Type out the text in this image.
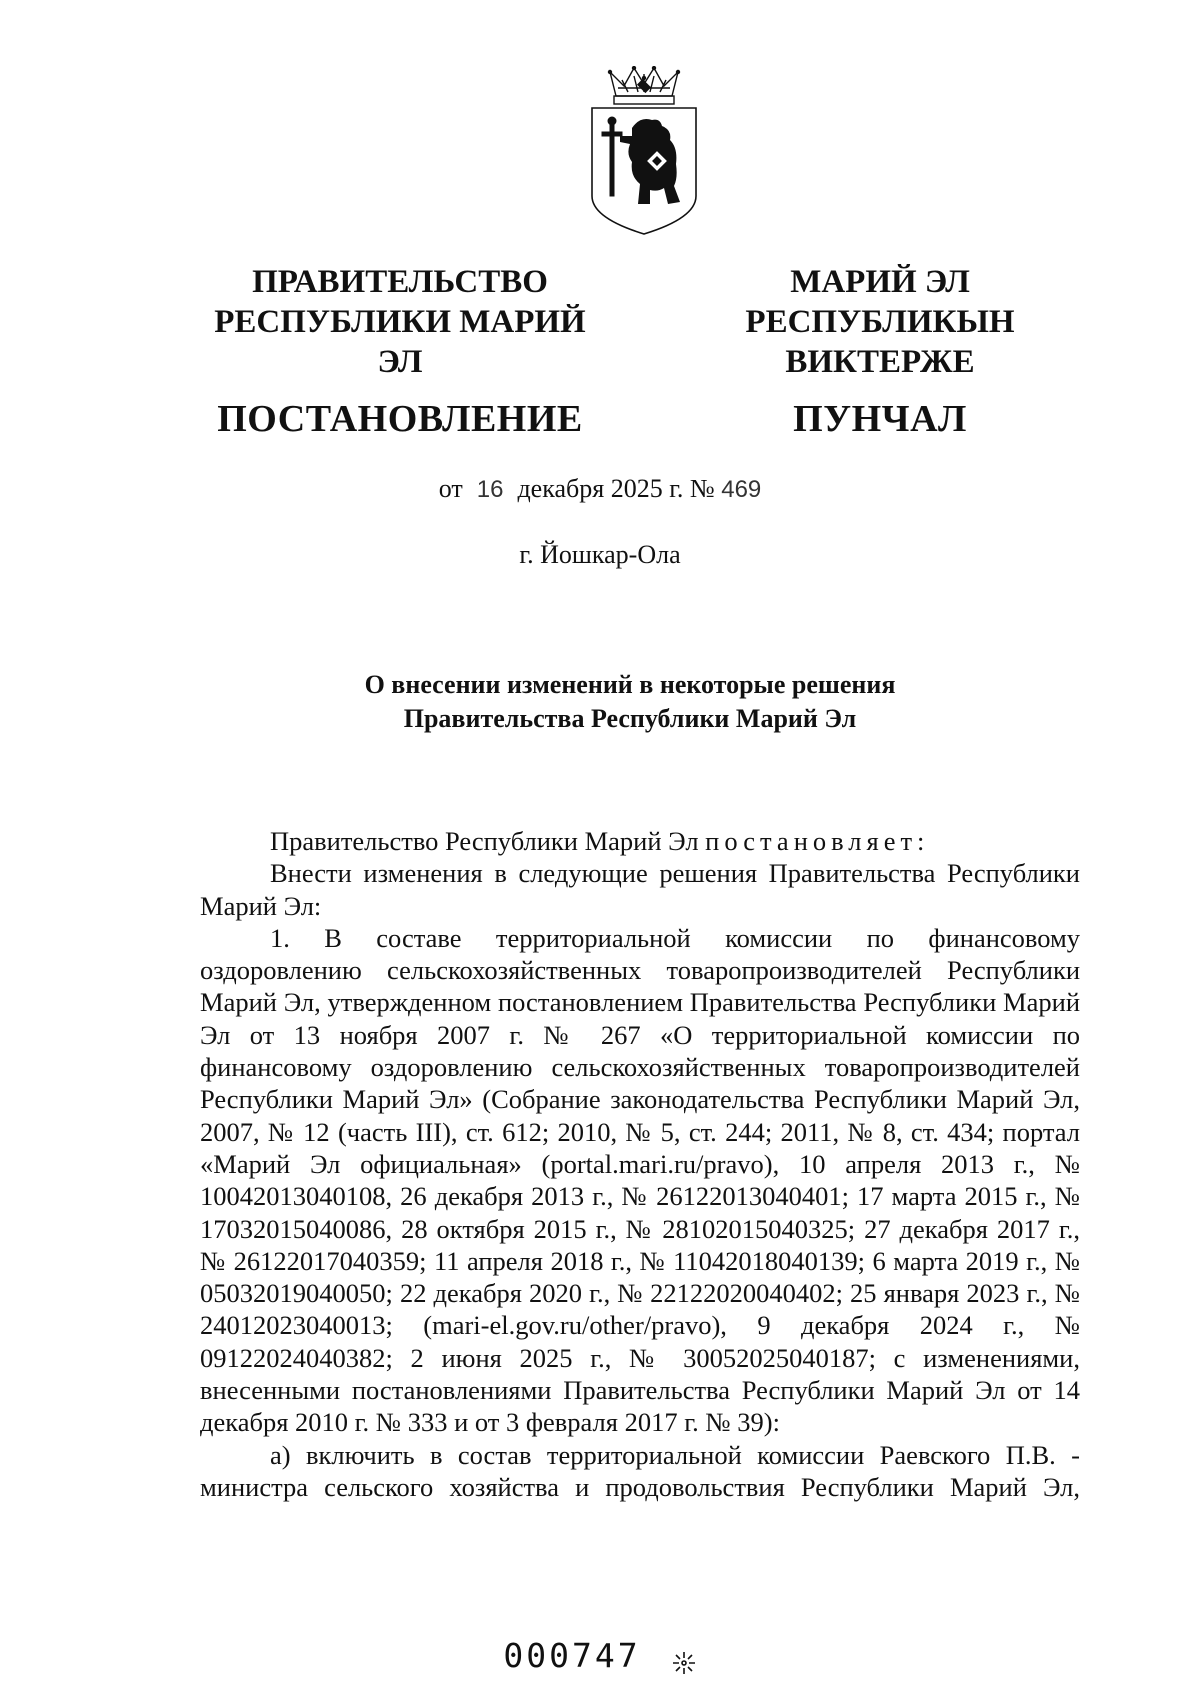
ПРАВИТЕЛЬСТВО
РЕСПУБЛИКИ МАРИЙ ЭЛ
ПОСТАНОВЛЕНИЕ
МАРИЙ ЭЛ РЕСПУБЛИКЫН
ВИКТЕРЖЕ
ПУНЧАЛ
от 16 декабря 2025 г. № 469
г. Йошкар-Ола
О внесении изменений в некоторые решения
Правительства Республики Марий Эл

Правительство Республики Марий Эл постановляет:

Внести изменения в следующие решения Правительства Республики Марий Эл:

1. В составе территориальной комиссии по финансовому оздоровлению сельскохозяйственных товаропроизводителей Республики Марий Эл, утвержденном постановлением Правительства Республики Марий Эл от 13 ноября 2007 г. № 267 «О территориальной комиссии по финансовому оздоровлению сельскохозяйственных товаропроизводителей Республики Марий Эл» (Собрание законодательства Республики Марий Эл, 2007, № 12 (часть III), ст. 612; 2010, № 5, ст. 244; 2011, № 8, ст. 434; портал «Марий Эл официальная» (portal.mari.ru/pravo), 10 апреля 2013 г., № 10042013040108, 26 декабря 2013 г., № 26122013040401; 17 марта 2015 г., № 17032015040086, 28 октября 2015 г., № 28102015040325; 27 декабря 2017 г., № 26122017040359; 11 апреля 2018 г., № 11042018040139; 6 марта 2019 г., № 05032019040050; 22 декабря 2020 г., № 22122020040402; 25 января 2023 г., № 24012023040013; (mari-el.gov.ru/other/pravo), 9 декабря 2024 г., № 09122024040382; 2 июня 2025 г., № 30052025040187; с изменениями, внесенными постановлениями Правительства Республики Марий Эл от 14 декабря 2010 г. № 333 и от 3 февраля 2017 г. № 39):

а) включить в состав территориальной комиссии Раевского П.В. - министра сельского хозяйства и продовольствия Республики Марий Эл,

000747
